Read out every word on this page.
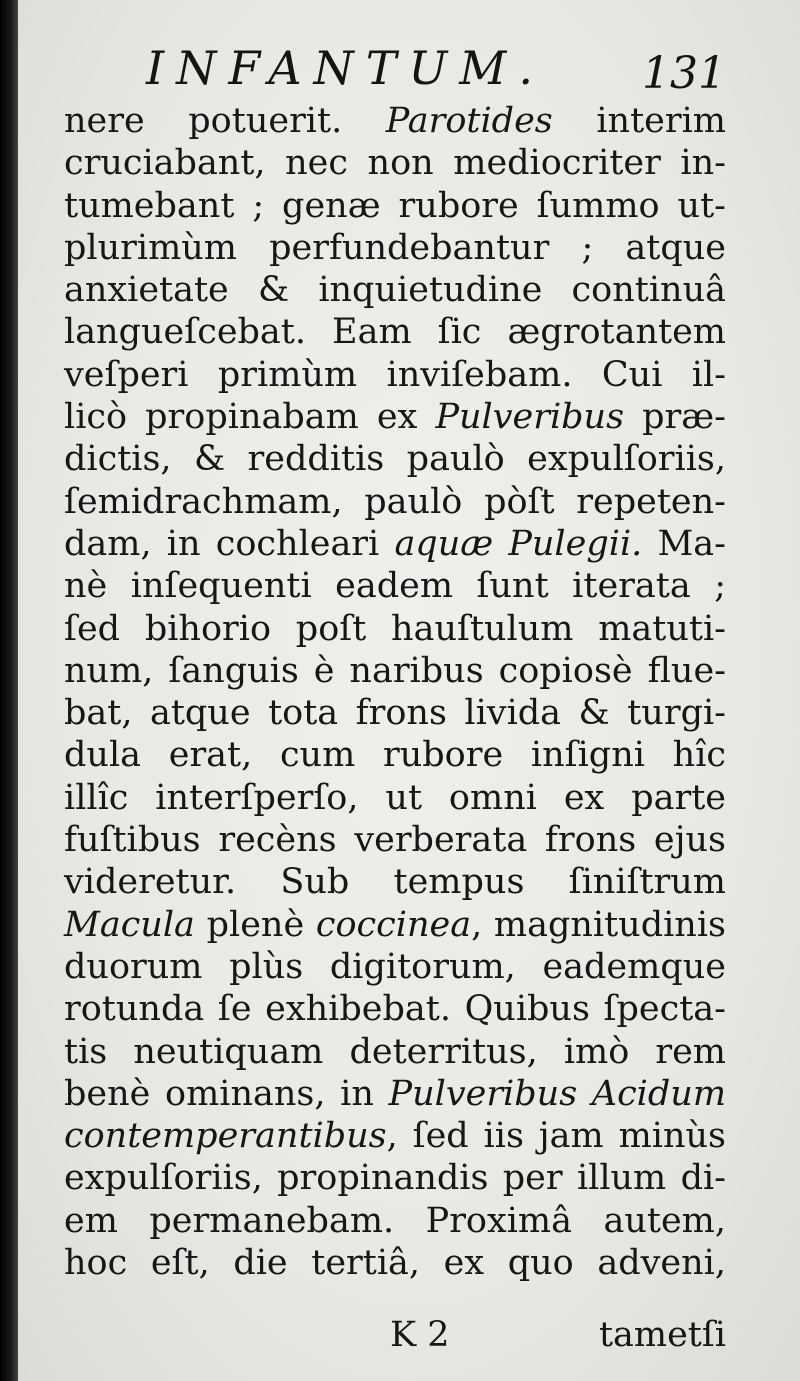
INFANTUM. 131
nere potuerit. Parotides interim
cruciabant, nec non mediocriter in-
tumebant ; genæ rubore ſummo ut-
plurimùm perfundebantur ; atque
anxietate & inquietudine continuâ
langueſcebat. Eam ſic ægrotantem
veſperi primùm inviſebam. Cui il-
licò propinabam ex Pulveribus præ-
dictis, & redditis paulò expulſoriis,
ſemidrachmam, paulò pòſt repeten-
dam, in cochleari aquæ Pulegii. Ma-
nè inſequenti eadem ſunt iterata ;
ſed bihorio poſt hauſtulum matuti-
num, ſanguis è naribus copiosè flue-
bat, atque tota frons livida & turgi-
dula erat, cum rubore inſigni hîc
illîc interſperſo, ut omni ex parte
fuſtibus recèns verberata frons ejus
videretur. Sub tempus ſiniſtrum
Macula plenè coccinea, magnitudinis
duorum plùs digitorum, eademque
rotunda ſe exhibebat. Quibus ſpecta-
tis neutiquam deterritus, imò rem
benè ominans, in Pulveribus Acidum
contemperantibus, ſed iis jam minùs
expulſoriis, propinandis per illum di-
em permanebam. Proximâ autem,
hoc eſt, die tertiâ, ex quo adveni,
K 2	tametſi
